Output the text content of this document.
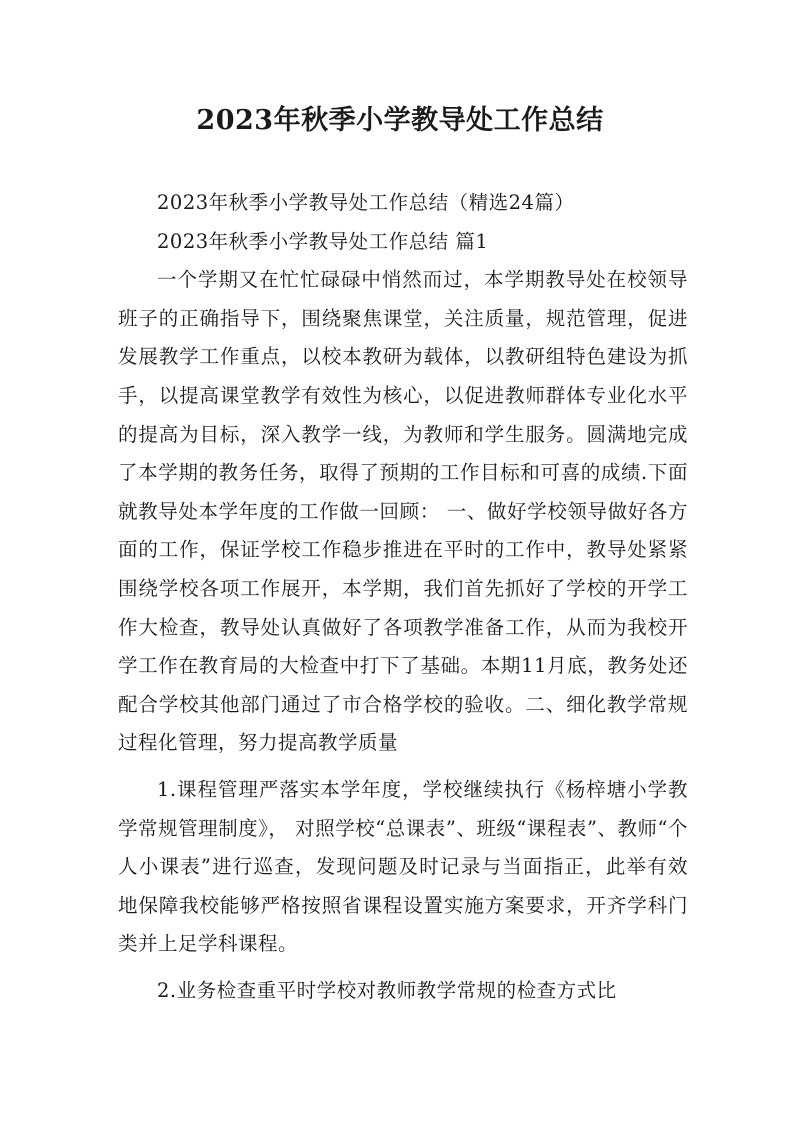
2023年秋季小学教导处工作总结

2023年秋季小学教导处工作总结（精选24篇）

2023年秋季小学教导处工作总结 篇1

一个学期又在忙忙碌碌中悄然而过，本学期教导处在校领导班子的正确指导下，围绕聚焦课堂，关注质量，规范管理，促进发展教学工作重点，以校本教研为载体，以教研组特色建设为抓手，以提高课堂教学有效性为核心，以促进教师群体专业化水平的提高为目标，深入教学一线，为教师和学生服务。圆满地完成了本学期的教务任务，取得了预期的工作目标和可喜的成绩.下面就教导处本学年度的工作做一回顾： 一、做好学校领导做好各方面的工作，保证学校工作稳步推进在平时的工作中，教导处紧紧围绕学校各项工作展开，本学期，我们首先抓好了学校的开学工作大检查，教导处认真做好了各项教学准备工作，从而为我校开学工作在教育局的大检查中打下了基础。本期11月底，教务处还配合学校其他部门通过了市合格学校的验收。二、细化教学常规过程化管理，努力提高教学质量

1.课程管理严落实本学年度，学校继续执行《杨梓塘小学教学常规管理制度》， 对照学校“总课表”、班级“课程表”、教师“个人小课表”进行巡查，发现问题及时记录与当面指正，此举有效地保障我校能够严格按照省课程设置实施方案要求，开齐学科门类并上足学科课程。

2.业务检查重平时学校对教师教学常规的检查方式比
